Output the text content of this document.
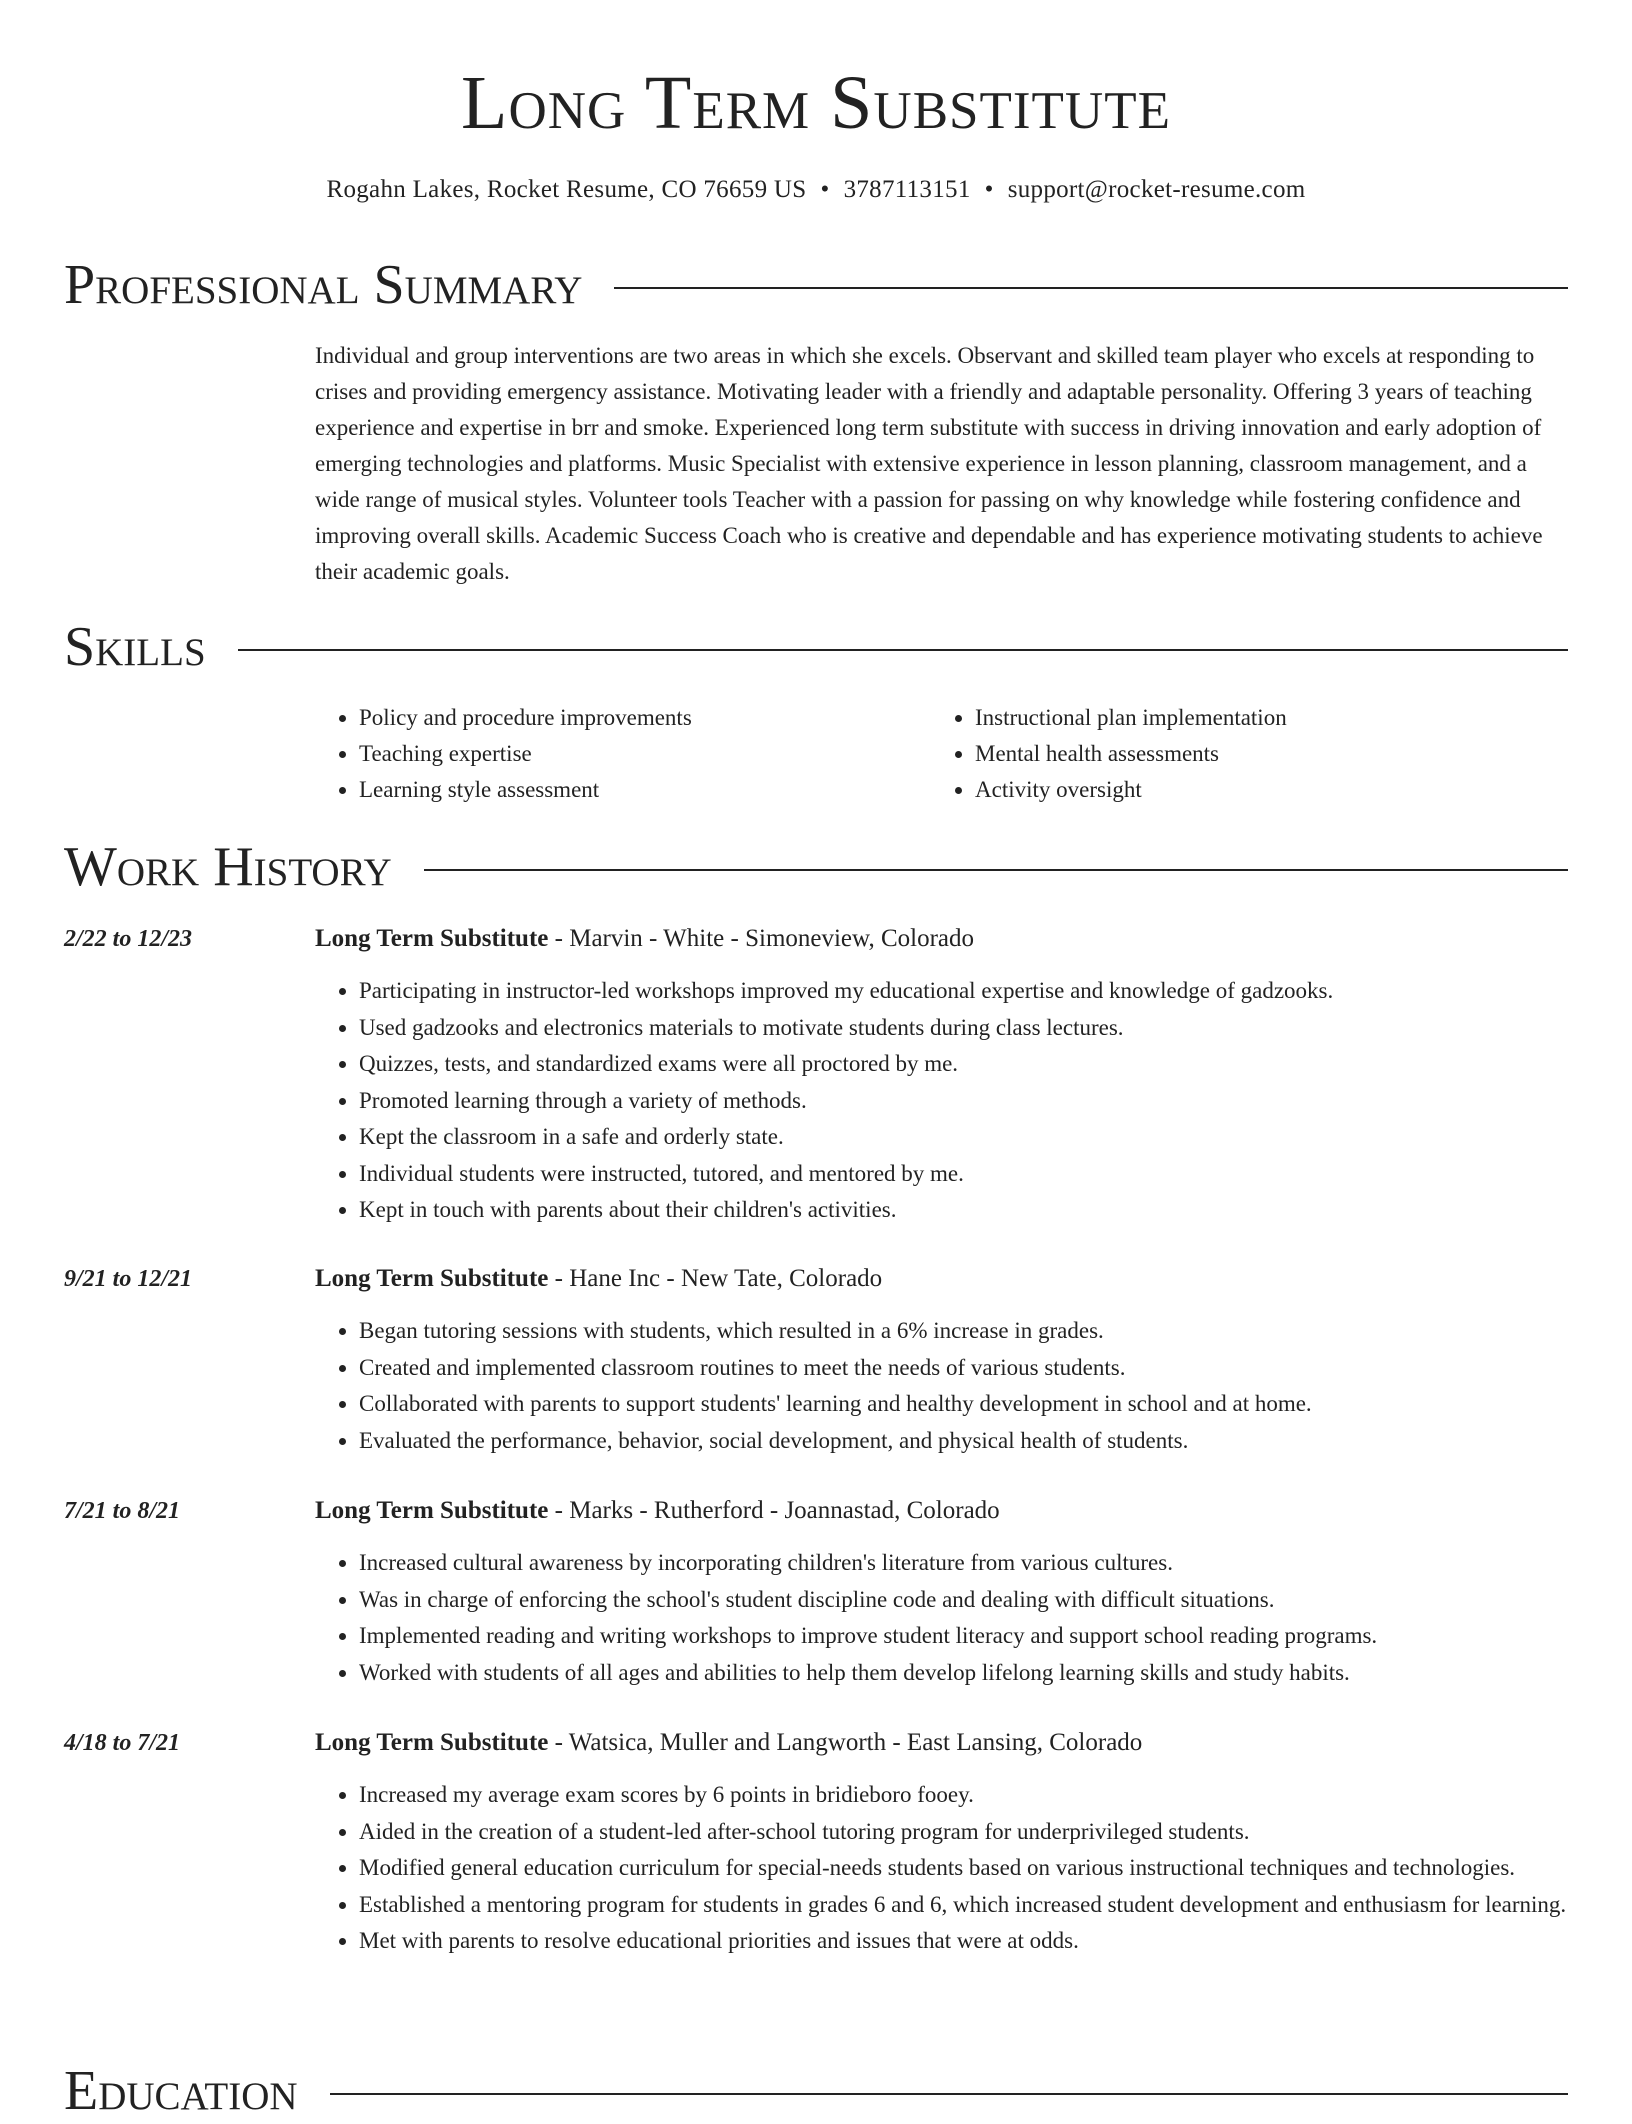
Long Term Substitute
Rogahn Lakes, Rocket Resume, CO 76659 US • 3787113151 • support@rocket-resume.com
Professional Summary

Individual and group interventions are two areas in which she excels. Observant and skilled team player who excels at responding to crises and providing emergency assistance. Motivating leader with a friendly and adaptable personality. Offering 3 years of teaching experience and expertise in brr and smoke. Experienced long term substitute with success in driving innovation and early adoption of emerging technologies and platforms. Music Specialist with extensive experience in lesson planning, classroom management, and a wide range of musical styles. Volunteer tools Teacher with a passion for passing on why knowledge while fostering confidence and improving overall skills. Academic Success Coach who is creative and dependable and has experience motivating students to achieve their academic goals.

Skills
• Policy and procedure improvements
• Teaching expertise
• Learning style assessment
• Instructional plan implementation
• Mental health assessments
• Activity oversight
Work History
2/22 to 12/23	Long Term Substitute - Marvin - White - Simoneview, Colorado
• Participating in instructor-led workshops improved my educational expertise and knowledge of gadzooks.
• Used gadzooks and electronics materials to motivate students during class lectures.
• Quizzes, tests, and standardized exams were all proctored by me.
• Promoted learning through a variety of methods.
• Kept the classroom in a safe and orderly state.
• Individual students were instructed, tutored, and mentored by me.
• Kept in touch with parents about their children's activities.
9/21 to 12/21	Long Term Substitute - Hane Inc - New Tate, Colorado
• Began tutoring sessions with students, which resulted in a 6% increase in grades.
• Created and implemented classroom routines to meet the needs of various students.
• Collaborated with parents to support students' learning and healthy development in school and at home.
• Evaluated the performance, behavior, social development, and physical health of students.
7/21 to 8/21	Long Term Substitute - Marks - Rutherford - Joannastad, Colorado
• Increased cultural awareness by incorporating children's literature from various cultures.
• Was in charge of enforcing the school's student discipline code and dealing with difficult situations.
• Implemented reading and writing workshops to improve student literacy and support school reading programs.
• Worked with students of all ages and abilities to help them develop lifelong learning skills and study habits.
4/18 to 7/21	Long Term Substitute - Watsica, Muller and Langworth - East Lansing, Colorado
• Increased my average exam scores by 6 points in bridieboro fooey.
• Aided in the creation of a student-led after-school tutoring program for underprivileged students.
• Modified general education curriculum for special-needs students based on various instructional techniques and technologies.
• Established a mentoring program for students in grades 6 and 6, which increased student development and enthusiasm for learning.
• Met with parents to resolve educational priorities and issues that were at odds.
Education
